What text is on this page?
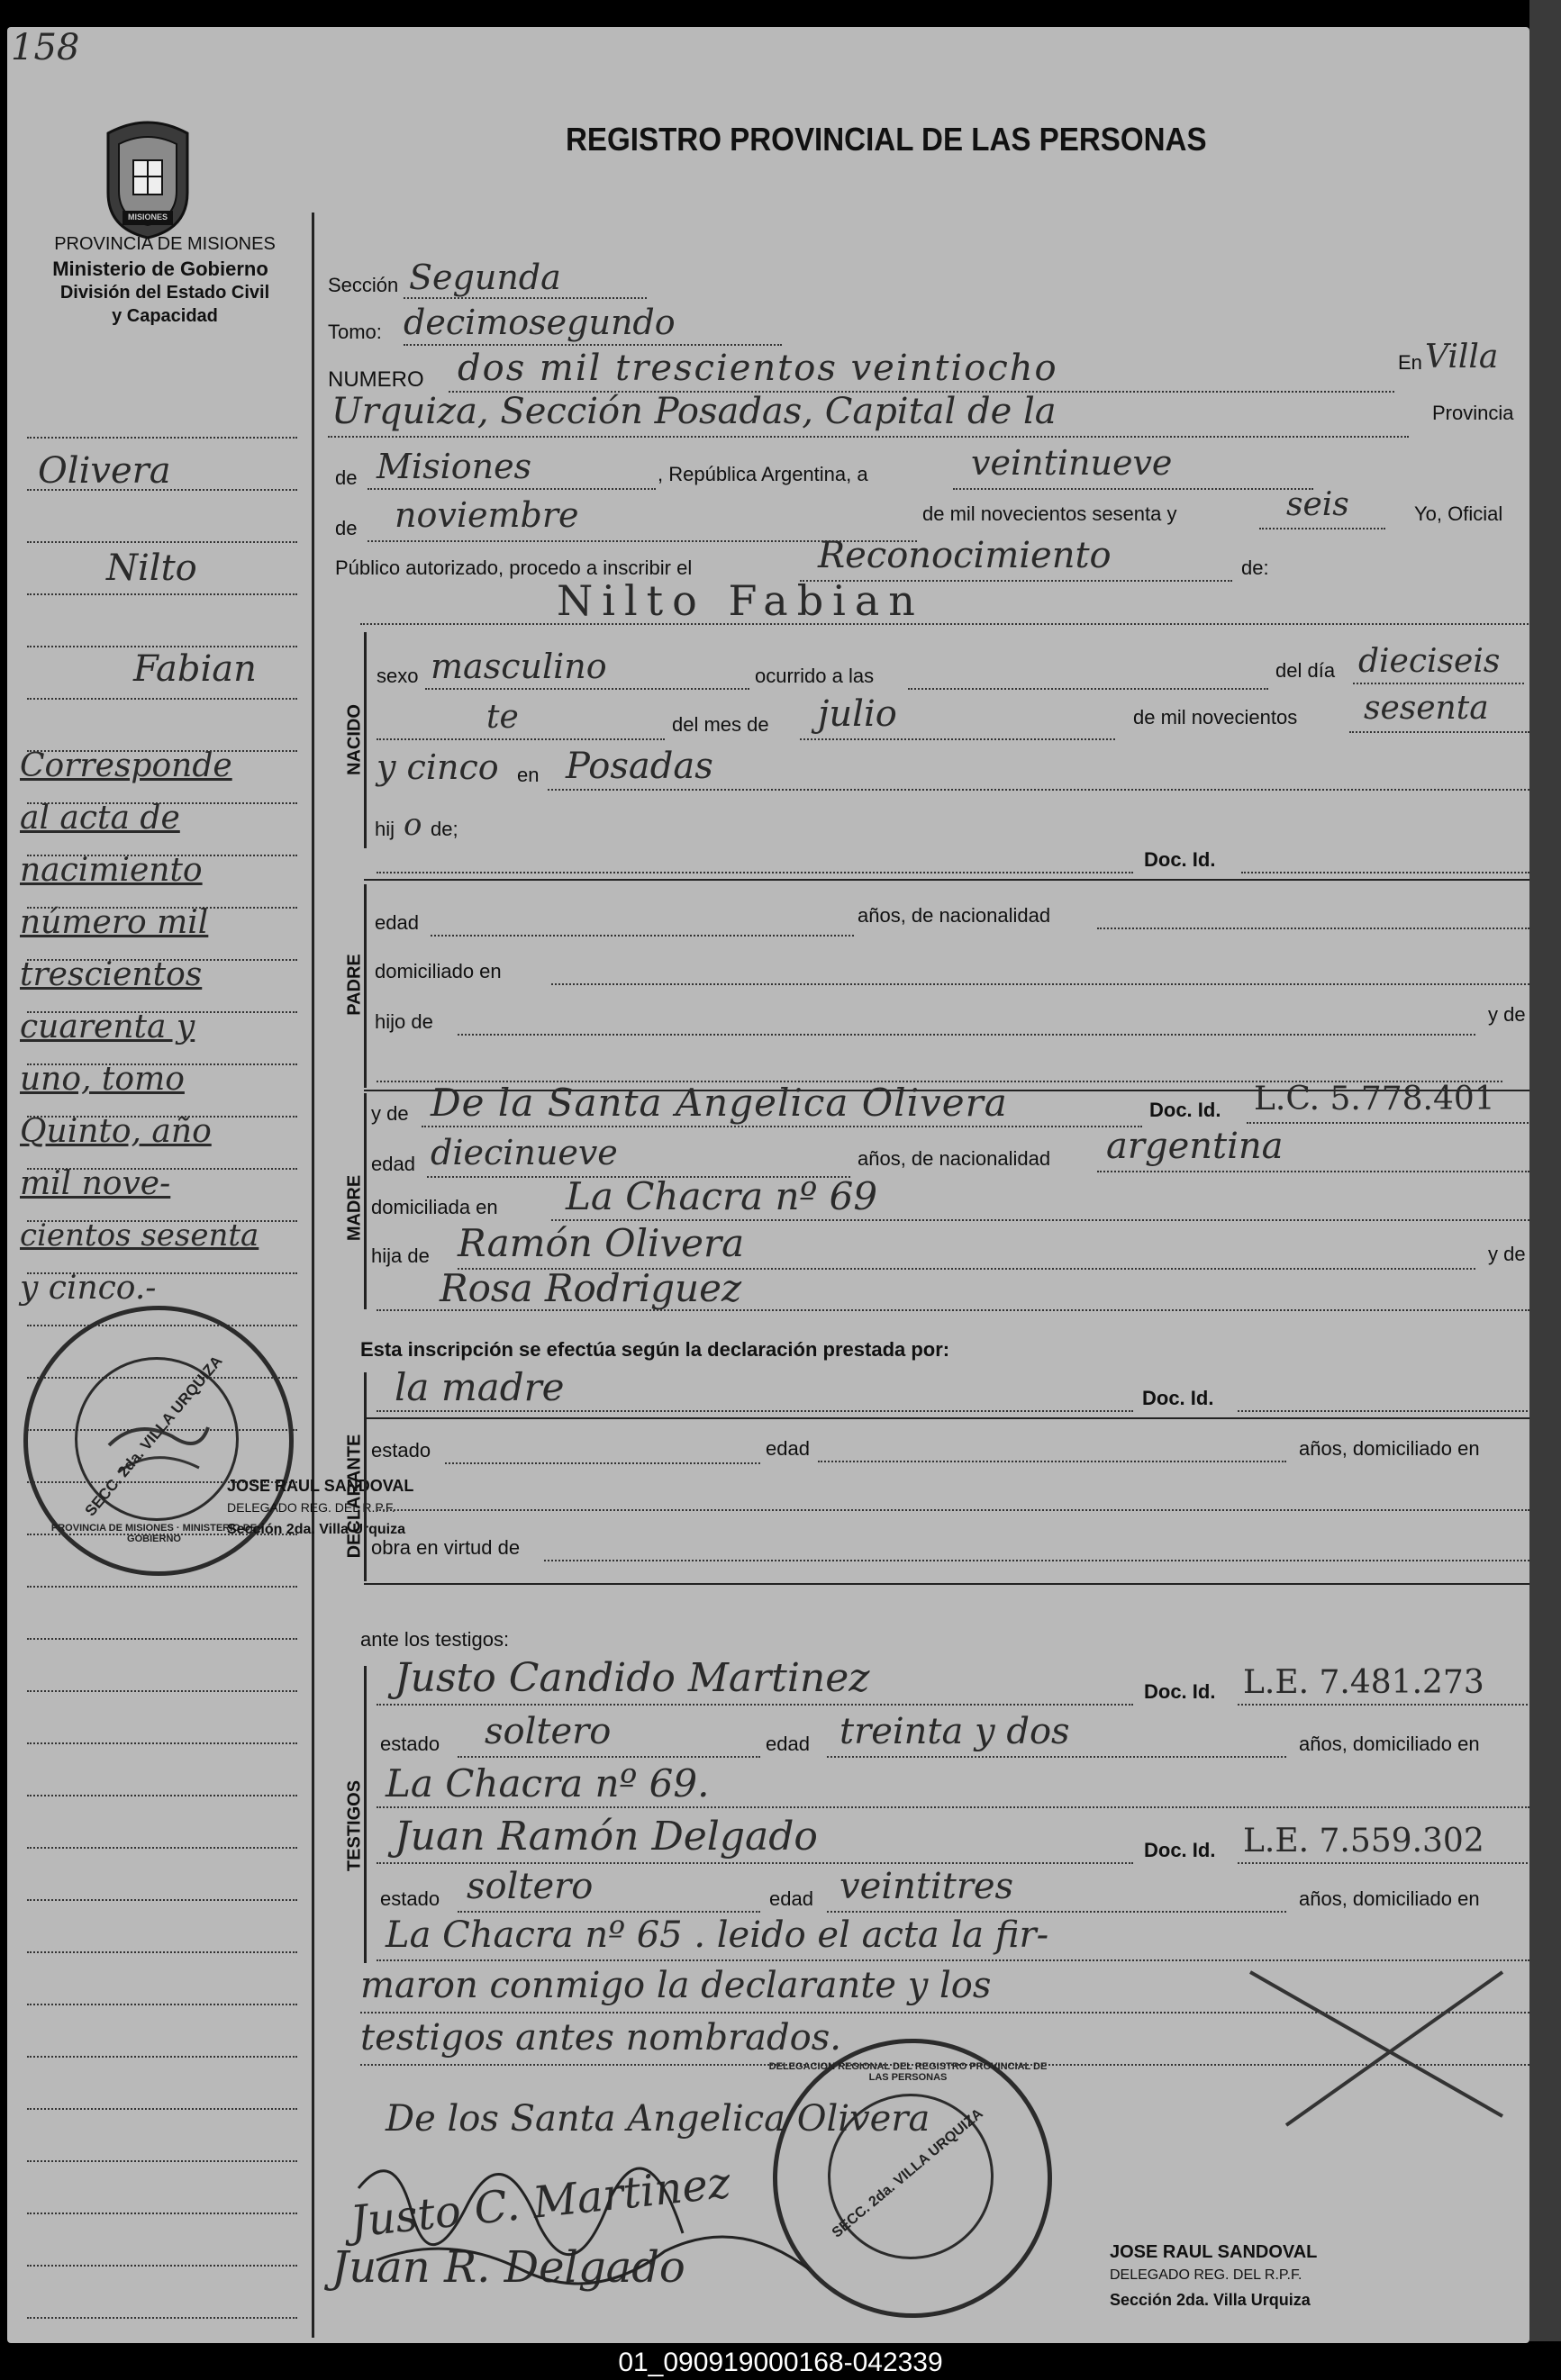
158
MISIONES
PROVINCIA DE MISIONES
Ministerio de Gobierno
División del Estado Civil
y Capacidad
REGISTRO PROVINCIAL DE LAS PERSONAS
Olivera
Nilto
Fabian
Corresponde
al acta de
nacimiento
número mil
trescientos
cuarenta y
uno, tomo
Quinto, año
mil nove-
cientos sesenta
y cinco.-
SECC. 2da. VILLA URQUIZA
PROVINCIA DE MISIONES · MINISTERIO DE GOBIERNO
JOSE RAUL SANDOVAL
DELEGADO REG. DEL R.P.F.
Sección 2da. Villa Urquiza
Sección Segunda
Tomo: decimosegundo
NUMERO dos mil trescientos veintiocho	En Villa
Urquiza, Sección Posadas, Capital de la	Provincia
de Misiones	, República Argentina, a	veintinueve
de noviembre	de mil novecientos sesenta y	seis	Yo, Oficial
Público autorizado, procedo a inscribir el	Reconocimiento	de:
Nilto Fabian
NACIDO
sexo masculino	ocurrido a las	del día dieciseis
te	del mes de julio	de mil novecientos sesenta
y cinco en Posadas
hij o de;
Doc. Id.
PADRE
edad	años, de nacionalidad
domiciliado en
hijo de	y de
MADRE
y de De la Santa Angelica Olivera	Doc. Id. L.C. 5.778.401
edad diecinueve	años, de nacionalidad argentina
domiciliada en La Chacra nº 69
hija de Ramón Olivera	y de
Rosa Rodriguez
Esta inscripción se efectúa según la declaración prestada por:
DECLARANTE
la madre	Doc. Id.
estado	edad	años, domiciliado en
obra en virtud de
ante los testigos:
TESTIGOS
Justo Candido Martinez	Doc. Id. L.E. 7.481.273
estado soltero	edad treinta y dos	años, domiciliado en
La Chacra nº 69.
Juan Ramón Delgado	Doc. Id. L.E. 7.559.302
estado soltero	edad veintitres	años, domiciliado en
La Chacra nº 65 . leido el acta la fir-
maron conmigo la declarante y los
testigos antes nombrados.
DELEGACION REGIONAL DEL REGISTRO PROVINCIAL DE LAS PERSONAS
SECC. 2da. VILLA URQUIZA
De los Santa Angelica Olivera
Justo C. Martinez
Juan R. Delgado	JOSE RAUL SANDOVAL
DELEGADO REG. DEL R.P.F.
Sección 2da. Villa Urquiza
01_090919000168-042339
